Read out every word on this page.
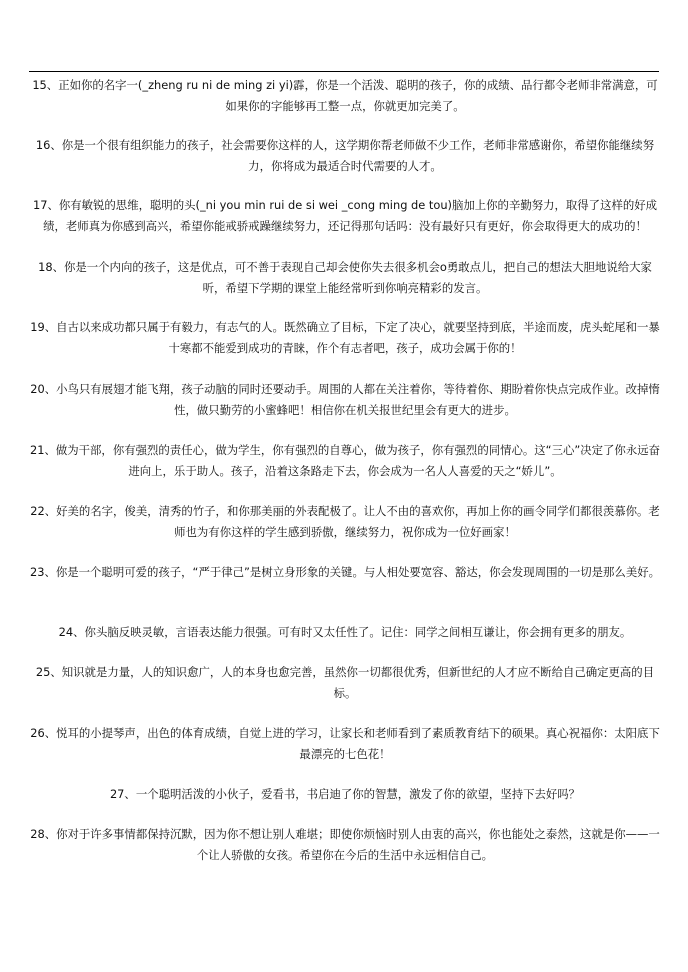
15、正如你的名字一(_zheng ru ni de ming zi yi)霹，你是一个活泼、聪明的孩子，你的成绩、品行都令老师非常满意，可如果你的字能够再工整一点，你就更加完美了。

16、你是一个很有组织能力的孩子，社会需要你这样的人，这学期你帮老师做不少工作，老师非常感谢你，希望你能继续努力，你将成为最适合时代需要的人才。

17、你有敏锐的思维，聪明的头(_ni you min rui de si wei _cong ming de tou)脑加上你的辛勤努力，取得了这样的好成绩，老师真为你感到高兴，希望你能戒骄戒躁继续努力，还记得那句话吗：没有最好只有更好，你会取得更大的成功的！

18、你是一个内向的孩子，这是优点，可不善于表现自己却会使你失去很多机会o勇敢点儿，把自己的想法大胆地说给大家听，希望下学期的课堂上能经常听到你响亮精彩的发言。

19、自古以来成功都只属于有毅力，有志气的人。既然确立了目标，下定了决心，就要坚持到底，半途而废，虎头蛇尾和一暴十寒都不能爱到成功的青睐，作个有志者吧，孩子，成功会属于你的！

20、小鸟只有展翅才能飞翔，孩子动脑的同时还要动手。周围的人都在关注着你，等待着你、期盼着你快点完成作业。改掉惰性，做只勤劳的小蜜蜂吧！相信你在机关报世纪里会有更大的进步。

21、做为干部，你有强烈的责任心，做为学生，你有强烈的自尊心，做为孩子，你有强烈的同情心。这“三心”决定了你永远奋进向上，乐于助人。孩子，沿着这条路走下去，你会成为一名人人喜爱的天之“娇儿”。

22、好美的名字，俊美，清秀的竹子，和你那美丽的外表配极了。让人不由的喜欢你，再加上你的画令同学们都很羡慕你。老师也为有你这样的学生感到骄傲，继续努力，祝你成为一位好画家！

23、你是一个聪明可爱的孩子，“严于律己”是树立身形象的关键。与人相处要宽容、豁达，你会发现周围的一切是那么美好。

24、你头脑反映灵敏，言语表达能力很强。可有时又太任性了。记住：同学之间相互谦让，你会拥有更多的朋友。

25、知识就是力量，人的知识愈广，人的本身也愈完善，虽然你一切都很优秀，但新世纪的人才应不断给自己确定更高的目标。

26、悦耳的小提琴声，出色的体育成绩，自觉上进的学习，让家长和老师看到了素质教育结下的硕果。真心祝福你：太阳底下最漂亮的七色花！

27、一个聪明活泼的小伙子，爱看书，书启迪了你的智慧，激发了你的欲望，坚持下去好吗？

28、你对于许多事情都保持沉默，因为你不想让别人难堪；即使你烦恼时别人由衷的高兴，你也能处之泰然，这就是你——一个让人骄傲的女孩。希望你在今后的生活中永远相信自己。
